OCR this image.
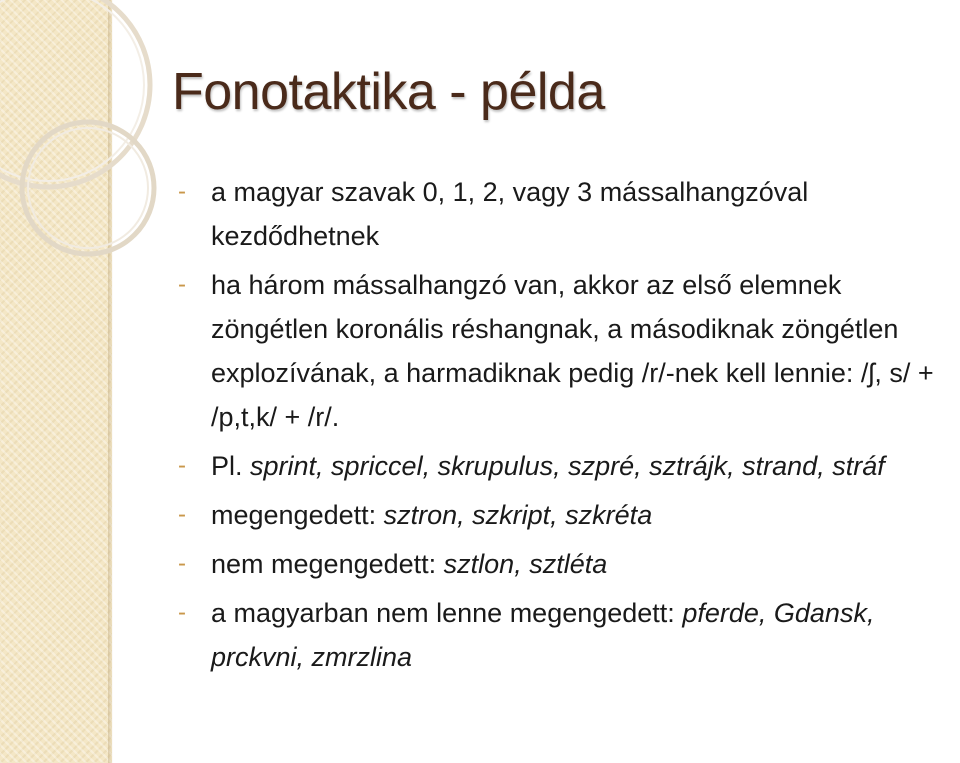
Fonotaktika - példa
- a magyar szavak 0, 1, 2, vagy 3 mássalhangzóval kezdődhetnek
- ha három mássalhangzó van, akkor az első elemnek zöngétlen koronális réshangnak, a másodiknak zöngétlen explozívának, a harmadiknak pedig /r/-nek kell lennie: /ʃ, s/ + /p,t,k/ + /r/.
- Pl. sprint, spriccel, skrupulus, szpré, sztrájk, strand, stráf
- megengedett: sztron, szkript, szkréta
- nem megengedett: sztlon, sztléta
- a magyarban nem lenne megengedett: pferde, Gdansk, prckvni, zmrzlina
